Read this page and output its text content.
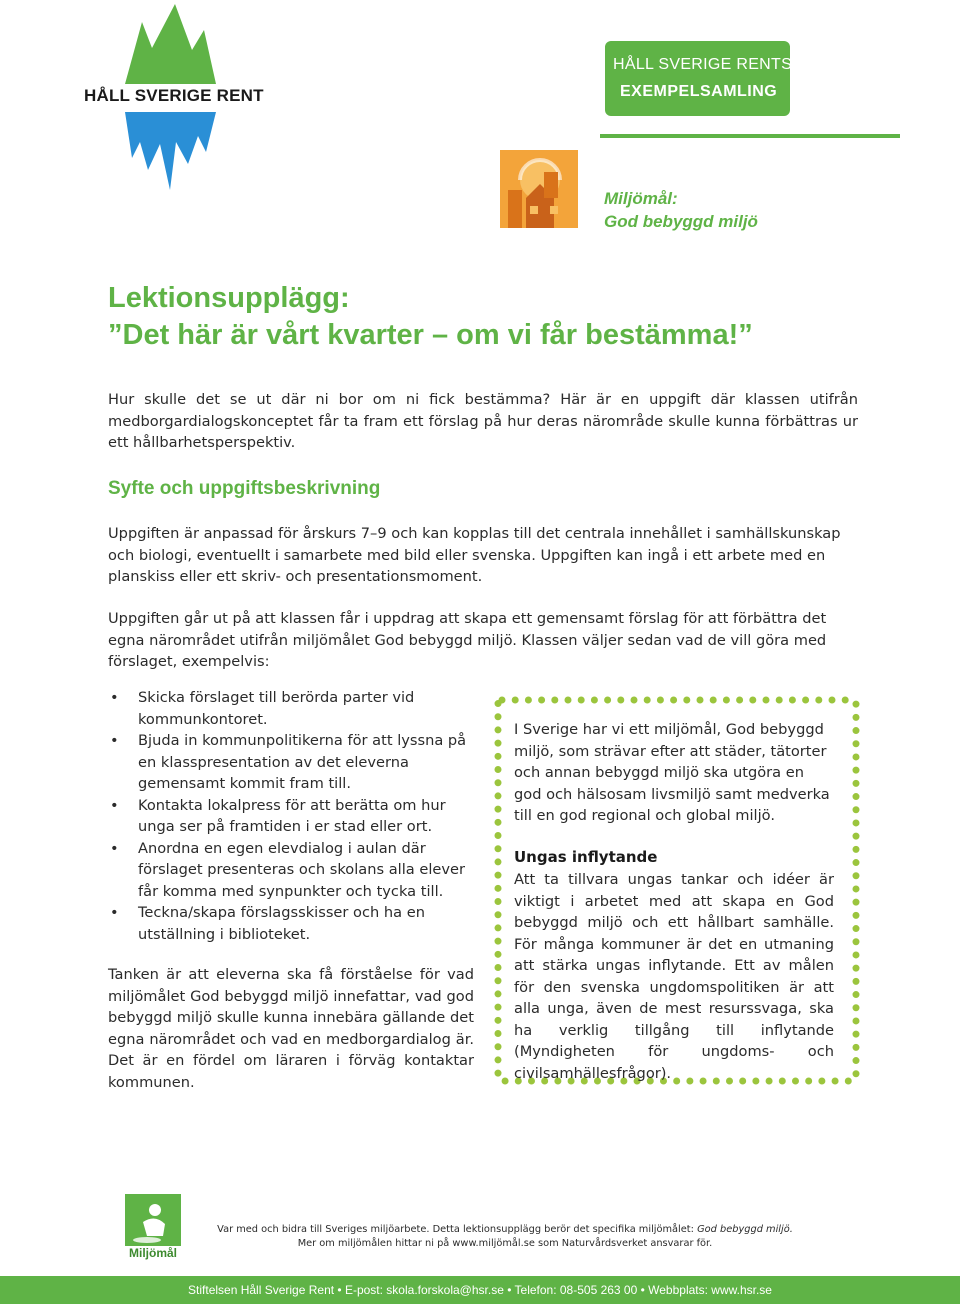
HÅLL SVERIGE RENT
HÅLL SVERIGE RENTS
EXEMPELSAMLING
Miljömål:
God bebyggd miljö
Lektionsupplägg:
”Det här är vårt kvarter – om vi får bestämma!”
Hur skulle det se ut där ni bor om ni fick bestämma? Här är en uppgift där klassen utifrån medborgardialogskonceptet får ta fram ett förslag på hur deras närområde skulle kunna förbättras ur ett hållbarhetsperspektiv.
Syfte och uppgiftsbeskrivning
Uppgiften är anpassad för årskurs 7–9 och kan kopplas till det centrala innehållet i samhällskunskap och biologi, eventuellt i samarbete med bild eller svenska. Uppgiften kan ingå i ett arbete med en planskiss eller ett skriv- och presentationsmoment.
Uppgiften går ut på att klassen får i uppdrag att skapa ett gemensamt förslag för att förbättra det egna närområdet utifrån miljömålet God bebyggd miljö. Klassen väljer sedan vad de vill göra med förslaget, exempelvis:
• Skicka förslaget till berörda parter vid kommunkontoret.
• Bjuda in kommunpolitikerna för att lyssna på en klasspresentation av det eleverna gemensamt kommit fram till.
• Kontakta lokalpress för att berätta om hur unga ser på framtiden i er stad eller ort.
• Anordna en egen elevdialog i aulan där förslaget presenteras och skolans alla elever får komma med synpunkter och tycka till.
• Teckna/skapa förslagsskisser och ha en utställning i biblioteket.
Tanken är att eleverna ska få förståelse för vad miljömålet God bebyggd miljö innefattar, vad god bebyggd miljö skulle kunna innebära gällande det egna närområdet och vad en medborgardialog är. Det är en fördel om läraren i förväg kontaktar kommunen.
I Sverige har vi ett miljömål, God bebyggd miljö, som strävar efter att städer, tätorter och annan bebyggd miljö ska utgöra en god och hälsosam livsmiljö samt medverka till en god regional och global miljö.
Ungas inflytande
Att ta tillvara ungas tankar och idéer är viktigt i arbetet med att skapa en God bebyggd miljö och ett hållbart samhälle. För många kommuner är det en utmaning att stärka ungas inflytande. Ett av målen för den svenska ungdomspolitiken är att alla unga, även de mest resurssvaga, ska ha verklig tillgång till inflytande (Myndigheten för ungdoms- och civilsamhällesfrågor).
Miljömål
Var med och bidra till Sveriges miljöarbete. Detta lektionsupplägg berör det specifika miljömålet: God bebyggd miljö.
Mer om miljömålen hittar ni på www.miljömål.se som Naturvårdsverket ansvarar för.
Stiftelsen Håll Sverige Rent • E-post: skola.forskola@hsr.se • Telefon: 08-505 263 00 • Webbplats: www.hsr.se
